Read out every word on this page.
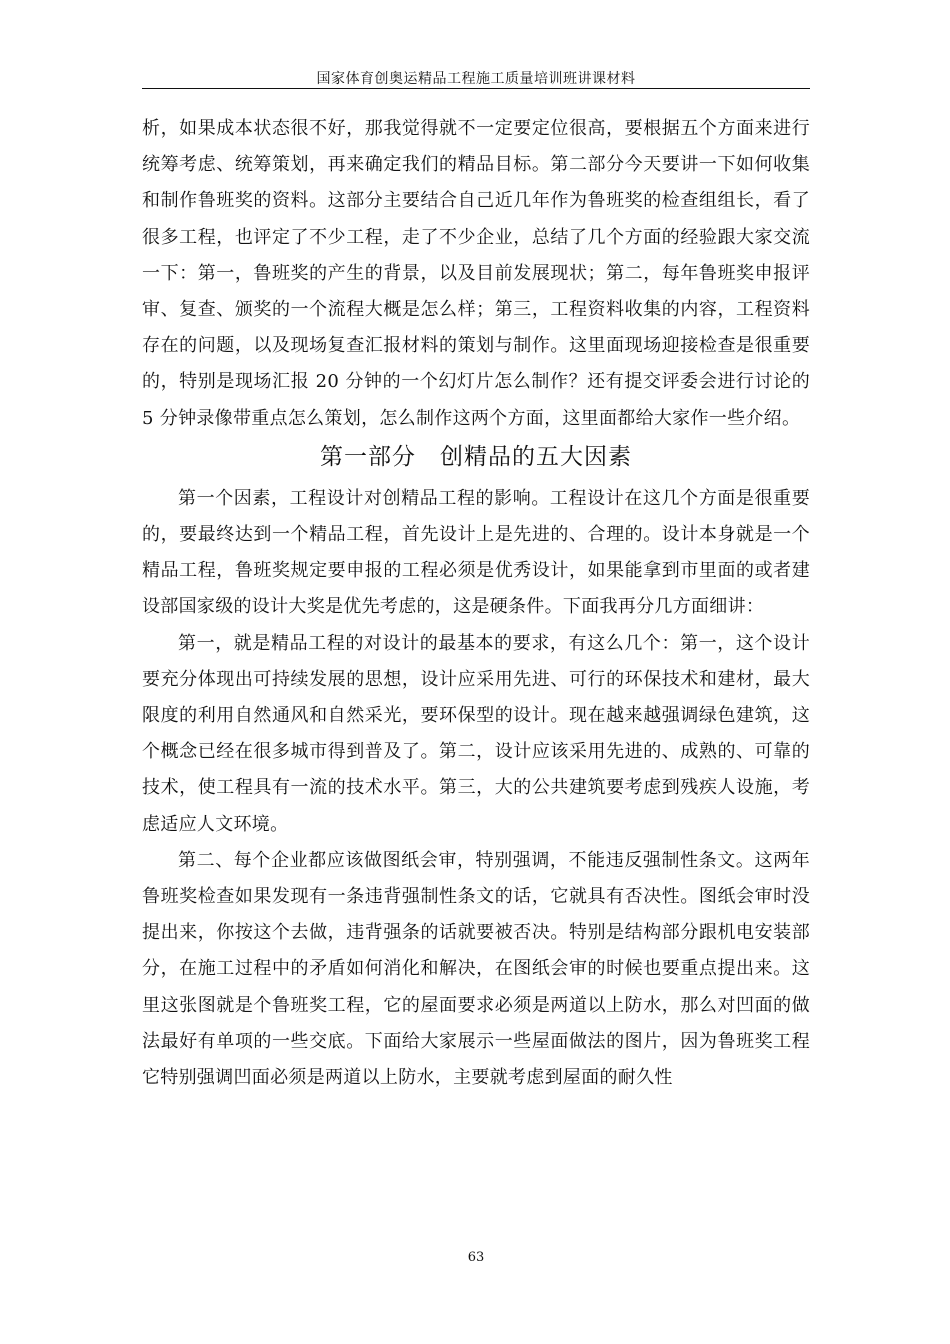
国家体育创奥运精品工程施工质量培训班讲课材料

析，如果成本状态很不好，那我觉得就不一定要定位很高，要根据五个方面来进行统筹考虑、统筹策划，再来确定我们的精品目标。第二部分今天要讲一下如何收集和制作鲁班奖的资料。这部分主要结合自己近几年作为鲁班奖的检查组组长，看了很多工程，也评定了不少工程，走了不少企业，总结了几个方面的经验跟大家交流一下：第一，鲁班奖的产生的背景，以及目前发展现状；第二，每年鲁班奖申报评审、复查、颁奖的一个流程大概是怎么样；第三，工程资料收集的内容，工程资料存在的问题，以及现场复查汇报材料的策划与制作。这里面现场迎接检查是很重要的，特别是现场汇报 20 分钟的一个幻灯片怎么制作？还有提交评委会进行讨论的 5 分钟录像带重点怎么策划，怎么制作这两个方面，这里面都给大家作一些介绍。

第一部分　创精品的五大因素

第一个因素，工程设计对创精品工程的影响。工程设计在这几个方面是很重要的，要最终达到一个精品工程，首先设计上是先进的、合理的。设计本身就是一个精品工程，鲁班奖规定要申报的工程必须是优秀设计，如果能拿到市里面的或者建设部国家级的设计大奖是优先考虑的，这是硬条件。下面我再分几方面细讲：

第一，就是精品工程的对设计的最基本的要求，有这么几个：第一，这个设计要充分体现出可持续发展的思想，设计应采用先进、可行的环保技术和建材，最大限度的利用自然通风和自然采光，要环保型的设计。现在越来越强调绿色建筑，这个概念已经在很多城市得到普及了。第二，设计应该采用先进的、成熟的、可靠的技术，使工程具有一流的技术水平。第三，大的公共建筑要考虑到残疾人设施，考虑适应人文环境。

第二、每个企业都应该做图纸会审，特别强调，不能违反强制性条文。这两年鲁班奖检查如果发现有一条违背强制性条文的话，它就具有否决性。图纸会审时没提出来，你按这个去做，违背强条的话就要被否决。特别是结构部分跟机电安装部分，在施工过程中的矛盾如何消化和解决，在图纸会审的时候也要重点提出来。这里这张图就是个鲁班奖工程，它的屋面要求必须是两道以上防水，那么对凹面的做法最好有单项的一些交底。下面给大家展示一些屋面做法的图片，因为鲁班奖工程它特别强调凹面必须是两道以上防水，主要就考虑到屋面的耐久性

63
